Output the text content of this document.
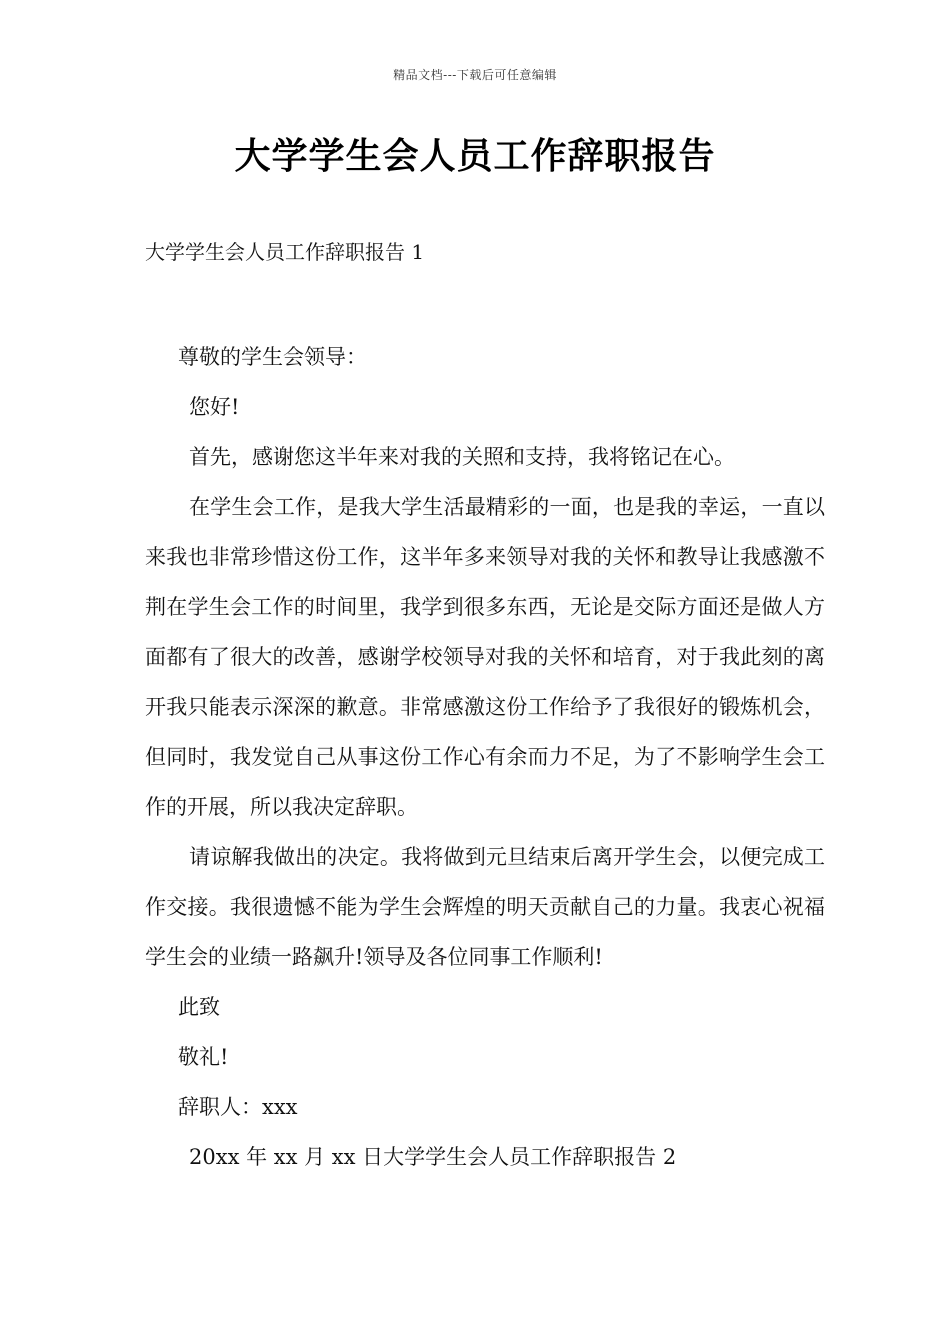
精品文档---下载后可任意编辑
大学学生会人员工作辞职报告
大学学生会人员工作辞职报告 1

尊敬的学生会领导：

您好!

首先，感谢您这半年来对我的关照和支持，我将铭记在心。

在学生会工作，是我大学生活最精彩的一面，也是我的幸运，一直以来我也非常珍惜这份工作，这半年多来领导对我的关怀和教导让我感激不荆在学生会工作的时间里，我学到很多东西，无论是交际方面还是做人方面都有了很大的改善，感谢学校领导对我的关怀和培育，对于我此刻的离开我只能表示深深的歉意。非常感激这份工作给予了我很好的锻炼机会，但同时，我发觉自己从事这份工作心有余而力不足，为了不影响学生会工作的开展，所以我决定辞职。

请谅解我做出的决定。我将做到元旦结束后离开学生会，以便完成工作交接。我很遗憾不能为学生会辉煌的明天贡献自己的力量。我衷心祝福学生会的业绩一路飙升!领导及各位同事工作顺利!

此致

敬礼!

辞职人：xxx

20xx 年 xx 月 xx 日大学学生会人员工作辞职报告 2
